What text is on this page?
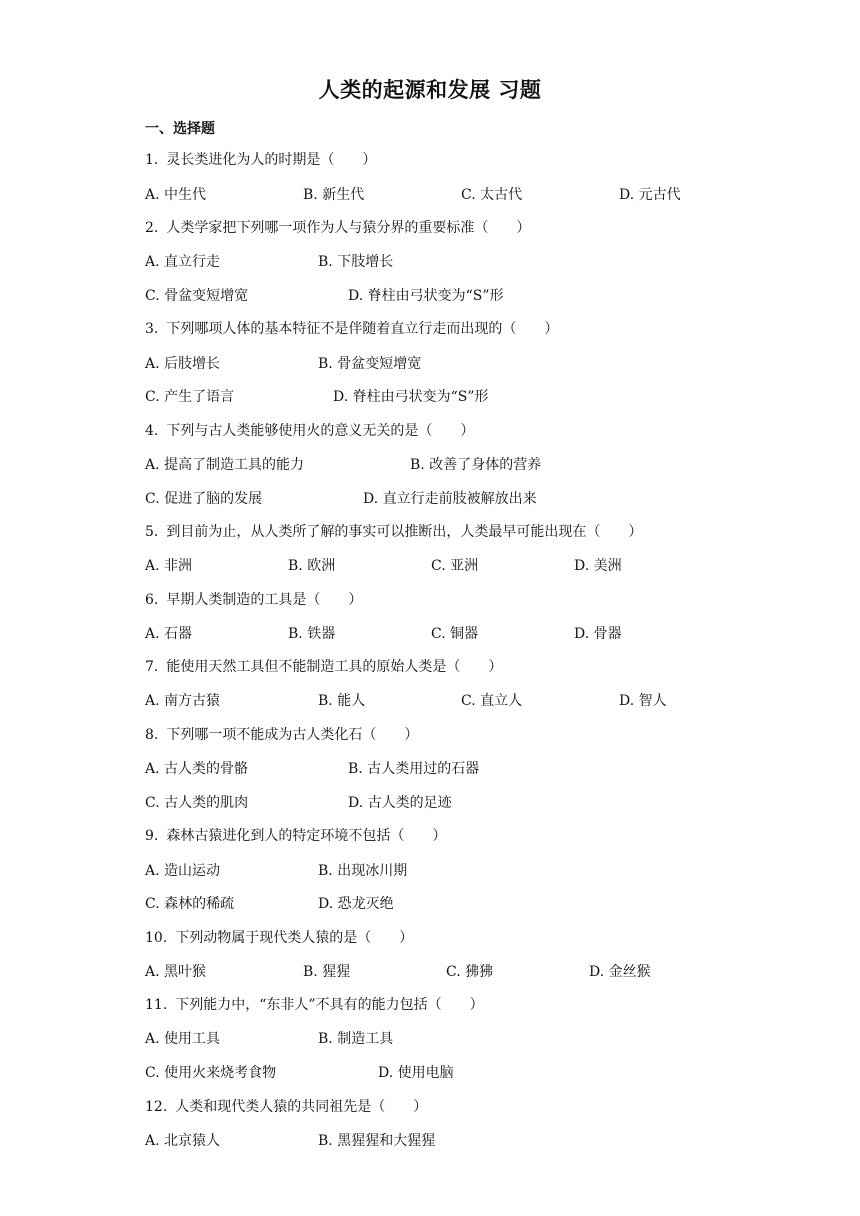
人类的起源和发展 习题
一、选择题
1. 灵长类进化为人的时期是（　　）
A. 中生代	B. 新生代	C. 太古代	D. 元古代
2. 人类学家把下列哪一项作为人与猿分界的重要标准（　　）
A. 直立行走	B. 下肢增长
C. 骨盆变短增宽	D. 脊柱由弓状变为“S”形
3. 下列哪项人体的基本特征不是伴随着直立行走而出现的（　　）
A. 后肢增长	B. 骨盆变短增宽
C. 产生了语言	D. 脊柱由弓状变为“S”形
4. 下列与古人类能够使用火的意义无关的是（　　）
A. 提高了制造工具的能力	B. 改善了身体的营养
C. 促进了脑的发展	D. 直立行走前肢被解放出来
5. 到目前为止，从人类所了解的事实可以推断出，人类最早可能出现在（　　）
A. 非洲	B. 欧洲	C. 亚洲	D. 美洲
6. 早期人类制造的工具是（　　）
A. 石器	B. 铁器	C. 铜器	D. 骨器
7. 能使用天然工具但不能制造工具的原始人类是（　　）
A. 南方古猿	B. 能人	C. 直立人	D. 智人
8. 下列哪一项不能成为古人类化石（　　）
A. 古人类的骨骼	B. 古人类用过的石器
C. 古人类的肌肉	D. 古人类的足迹
9. 森林古猿进化到人的特定环境不包括（　　）
A. 造山运动	B. 出现冰川期
C. 森林的稀疏	D. 恐龙灭绝
10. 下列动物属于现代类人猿的是（　　）
A. 黑叶猴	B. 猩猩	C. 狒狒	D. 金丝猴
11. 下列能力中，“东非人”不具有的能力包括（　　）
A. 使用工具	B. 制造工具
C. 使用火来烧考食物	D. 使用电脑
12. 人类和现代类人猿的共同祖先是（　　）
A. 北京猿人	B. 黑猩猩和大猩猩
